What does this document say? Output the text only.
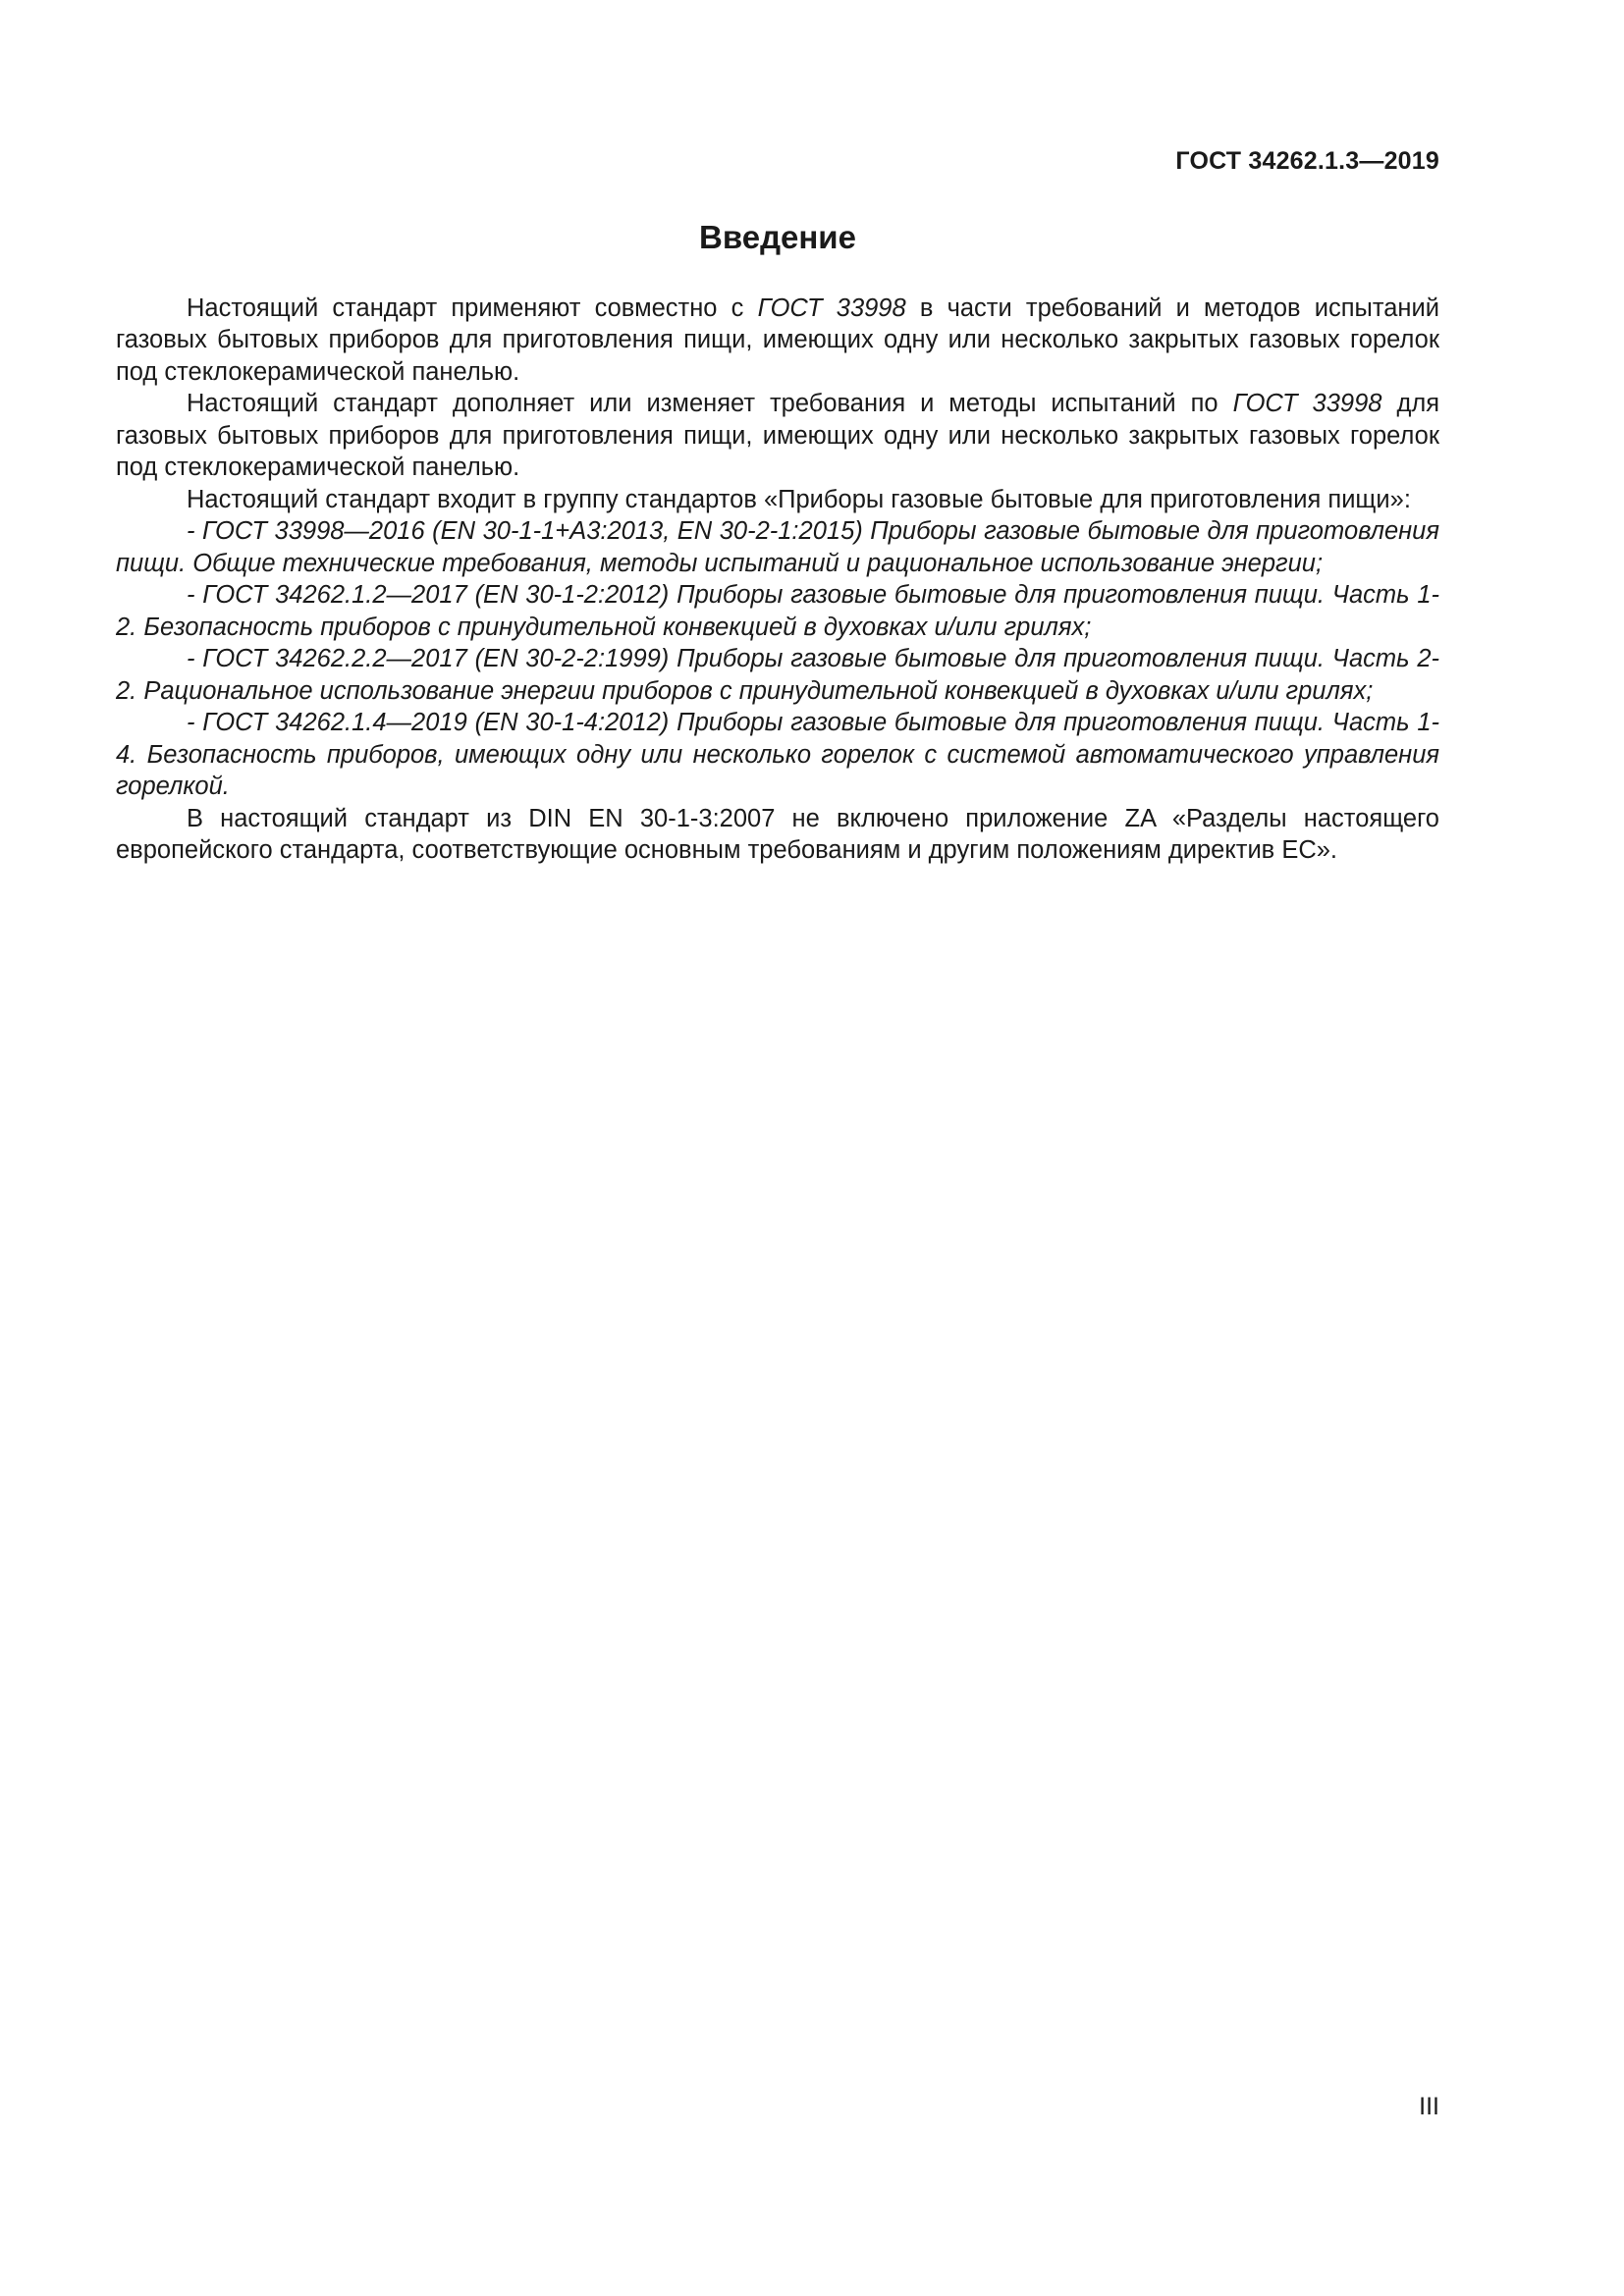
ГОСТ 34262.1.3—2019
Введение

Настоящий стандарт применяют совместно с ГОСТ 33998 в части требований и методов испытаний газовых бытовых приборов для приготовления пищи, имеющих одну или несколько закрытых газовых горелок под стеклокерамической панелью.

Настоящий стандарт дополняет или изменяет требования и методы испытаний по ГОСТ 33998 для газовых бытовых приборов для приготовления пищи, имеющих одну или несколько закрытых газовых горелок под стеклокерамической панелью.

Настоящий стандарт входит в группу стандартов «Приборы газовые бытовые для приготовления пищи»:

- ГОСТ 33998—2016 (EN 30-1-1+A3:2013, EN 30-2-1:2015) Приборы газовые бытовые для приготовления пищи. Общие технические требования, методы испытаний и рациональное использование энергии;

- ГОСТ 34262.1.2—2017 (EN 30-1-2:2012) Приборы газовые бытовые для приготовления пищи. Часть 1-2. Безопасность приборов с принудительной конвекцией в духовках и/или грилях;

- ГОСТ 34262.2.2—2017 (EN 30-2-2:1999) Приборы газовые бытовые для приготовления пищи. Часть 2-2. Рациональное использование энергии приборов с принудительной конвекцией в духовках и/или грилях;

- ГОСТ 34262.1.4—2019 (EN 30-1-4:2012) Приборы газовые бытовые для приготовления пищи. Часть 1-4. Безопасность приборов, имеющих одну или несколько горелок с системой автоматического управления горелкой.

В настоящий стандарт из DIN EN 30-1-3:2007 не включено приложение ZA «Разделы настоящего европейского стандарта, соответствующие основным требованиям и другим положениям директив ЕС».

III
